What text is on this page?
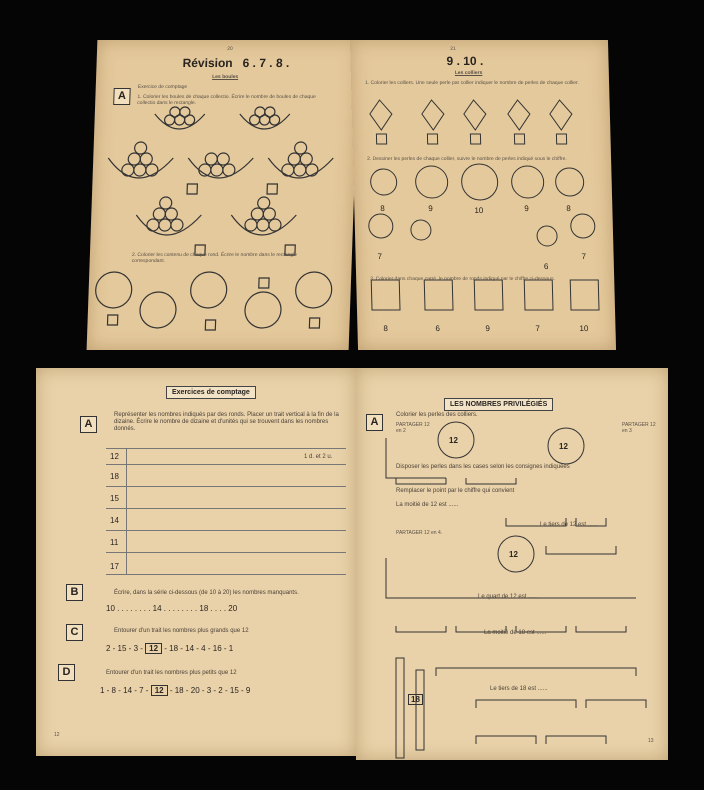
20
Révision 6 . 7 . 8 .
Les boules
A
Exercice de comptage
1. Colorier les boules de chaque collectio. Écrire le nombre de boules de chaque collectio dans le rectangle.
2. Colorier les contenu de chaque rond. Écrire le nombre dans le rectangle correspondant.
21
9 . 10 .
Les colliers
1. Colorier les colliers. Une seule perle par collier indiquer le nombre de perles de chaque collier.
2. Dessiner les perles de chaque collier, suivre le nombre de perles indiqué sous le chiffre.
8	9	10	9	8
7
6
7
3. Colorier dans chaque carré, le nombre de ronds indiqué par le chiffre ci-dessous.
8	6	9	7	10
Exercices de comptage
A
Représenter les nombres indiqués par des ronds. Placer un trait vertical à la fin de la dizaine. Écrire le nombre de dizaine et d'unités qui se trouvent dans les nombres donnés.
12	1 d. et 2 u.
18
15
14
11
17
B	Écrire, dans la série ci-dessous (de 10 à 20) les nombres manquants.
10 . . . . . . . . 14 . . . . . . . . 18 . . . . 20
C	Entourer d'un trait les nombres plus grands que 12
2 - 15 - 3 - 12 - 18 - 14 - 4 - 16 - 1
D	Entourer d'un trait les nombres plus petits que 12
1 - 8 - 14 - 7 - 12 - 18 - 20 - 3 - 2 - 15 - 9
12
LES NOMBRES PRIVILÉGIÉS
A
Colorier les perles des colliers.
PARTAGER 12 en 2
PARTAGER 12 en 3
12
12
Disposer les perles dans les cases selon les consignes indiquées
Remplacer le point par le chiffre qui convient
La moitié de 12 est ......
Le tiers de 12 est ......
PARTAGER 12 en 4.
12
Le quart de 12 est ......
La moitié de 18 est ......
Le tiers de 18 est ......
18
13
